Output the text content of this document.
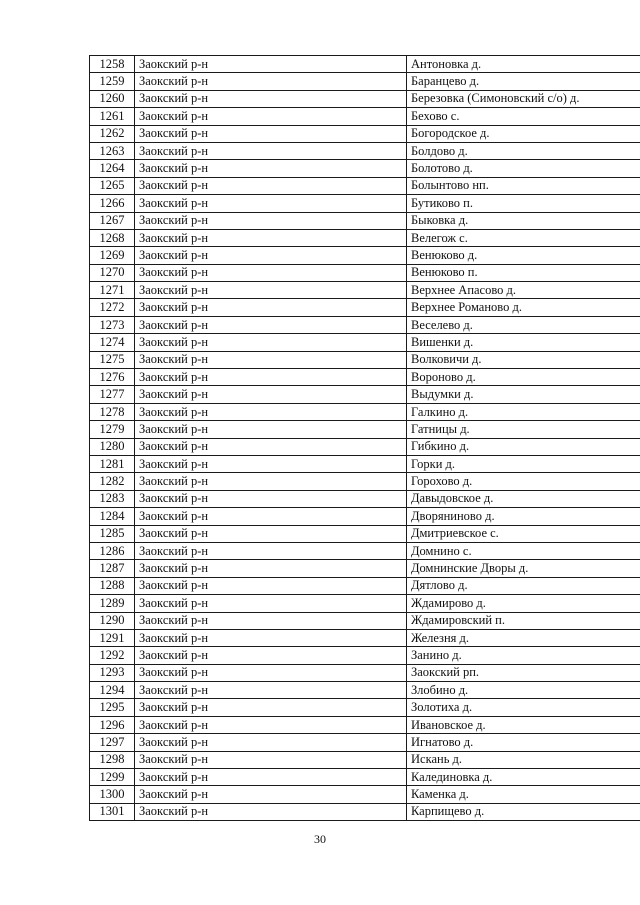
1258	Заокский р-н	Антоновка д.
1259	Заокский р-н	Баранцево д.
1260	Заокский р-н	Березовка (Симоновский с/о) д.
1261	Заокский р-н	Бехово с.
1262	Заокский р-н	Богородское д.
1263	Заокский р-н	Болдово д.
1264	Заокский р-н	Болотово д.
1265	Заокский р-н	Болынтово нп.
1266	Заокский р-н	Бутиково п.
1267	Заокский р-н	Быковка д.
1268	Заокский р-н	Велегож с.
1269	Заокский р-н	Венюково д.
1270	Заокский р-н	Венюково п.
1271	Заокский р-н	Верхнее Апасово д.
1272	Заокский р-н	Верхнее Романово д.
1273	Заокский р-н	Веселево д.
1274	Заокский р-н	Вишенки д.
1275	Заокский р-н	Волковичи д.
1276	Заокский р-н	Вороново д.
1277	Заокский р-н	Выдумки д.
1278	Заокский р-н	Галкино д.
1279	Заокский р-н	Гатницы д.
1280	Заокский р-н	Гибкино д.
1281	Заокский р-н	Горки д.
1282	Заокский р-н	Горохово д.
1283	Заокский р-н	Давыдовское д.
1284	Заокский р-н	Дворяниново д.
1285	Заокский р-н	Дмитриевское с.
1286	Заокский р-н	Домнино с.
1287	Заокский р-н	Домнинские Дворы д.
1288	Заокский р-н	Дятлово д.
1289	Заокский р-н	Ждамирово д.
1290	Заокский р-н	Ждамировский п.
1291	Заокский р-н	Железня д.
1292	Заокский р-н	Занино д.
1293	Заокский р-н	Заокский рп.
1294	Заокский р-н	Злобино д.
1295	Заокский р-н	Золотиха д.
1296	Заокский р-н	Ивановское д.
1297	Заокский р-н	Игнатово д.
1298	Заокский р-н	Искань д.
1299	Заокский р-н	Калединовка д.
1300	Заокский р-н	Каменка д.
1301	Заокский р-н	Карпищево д.
30
